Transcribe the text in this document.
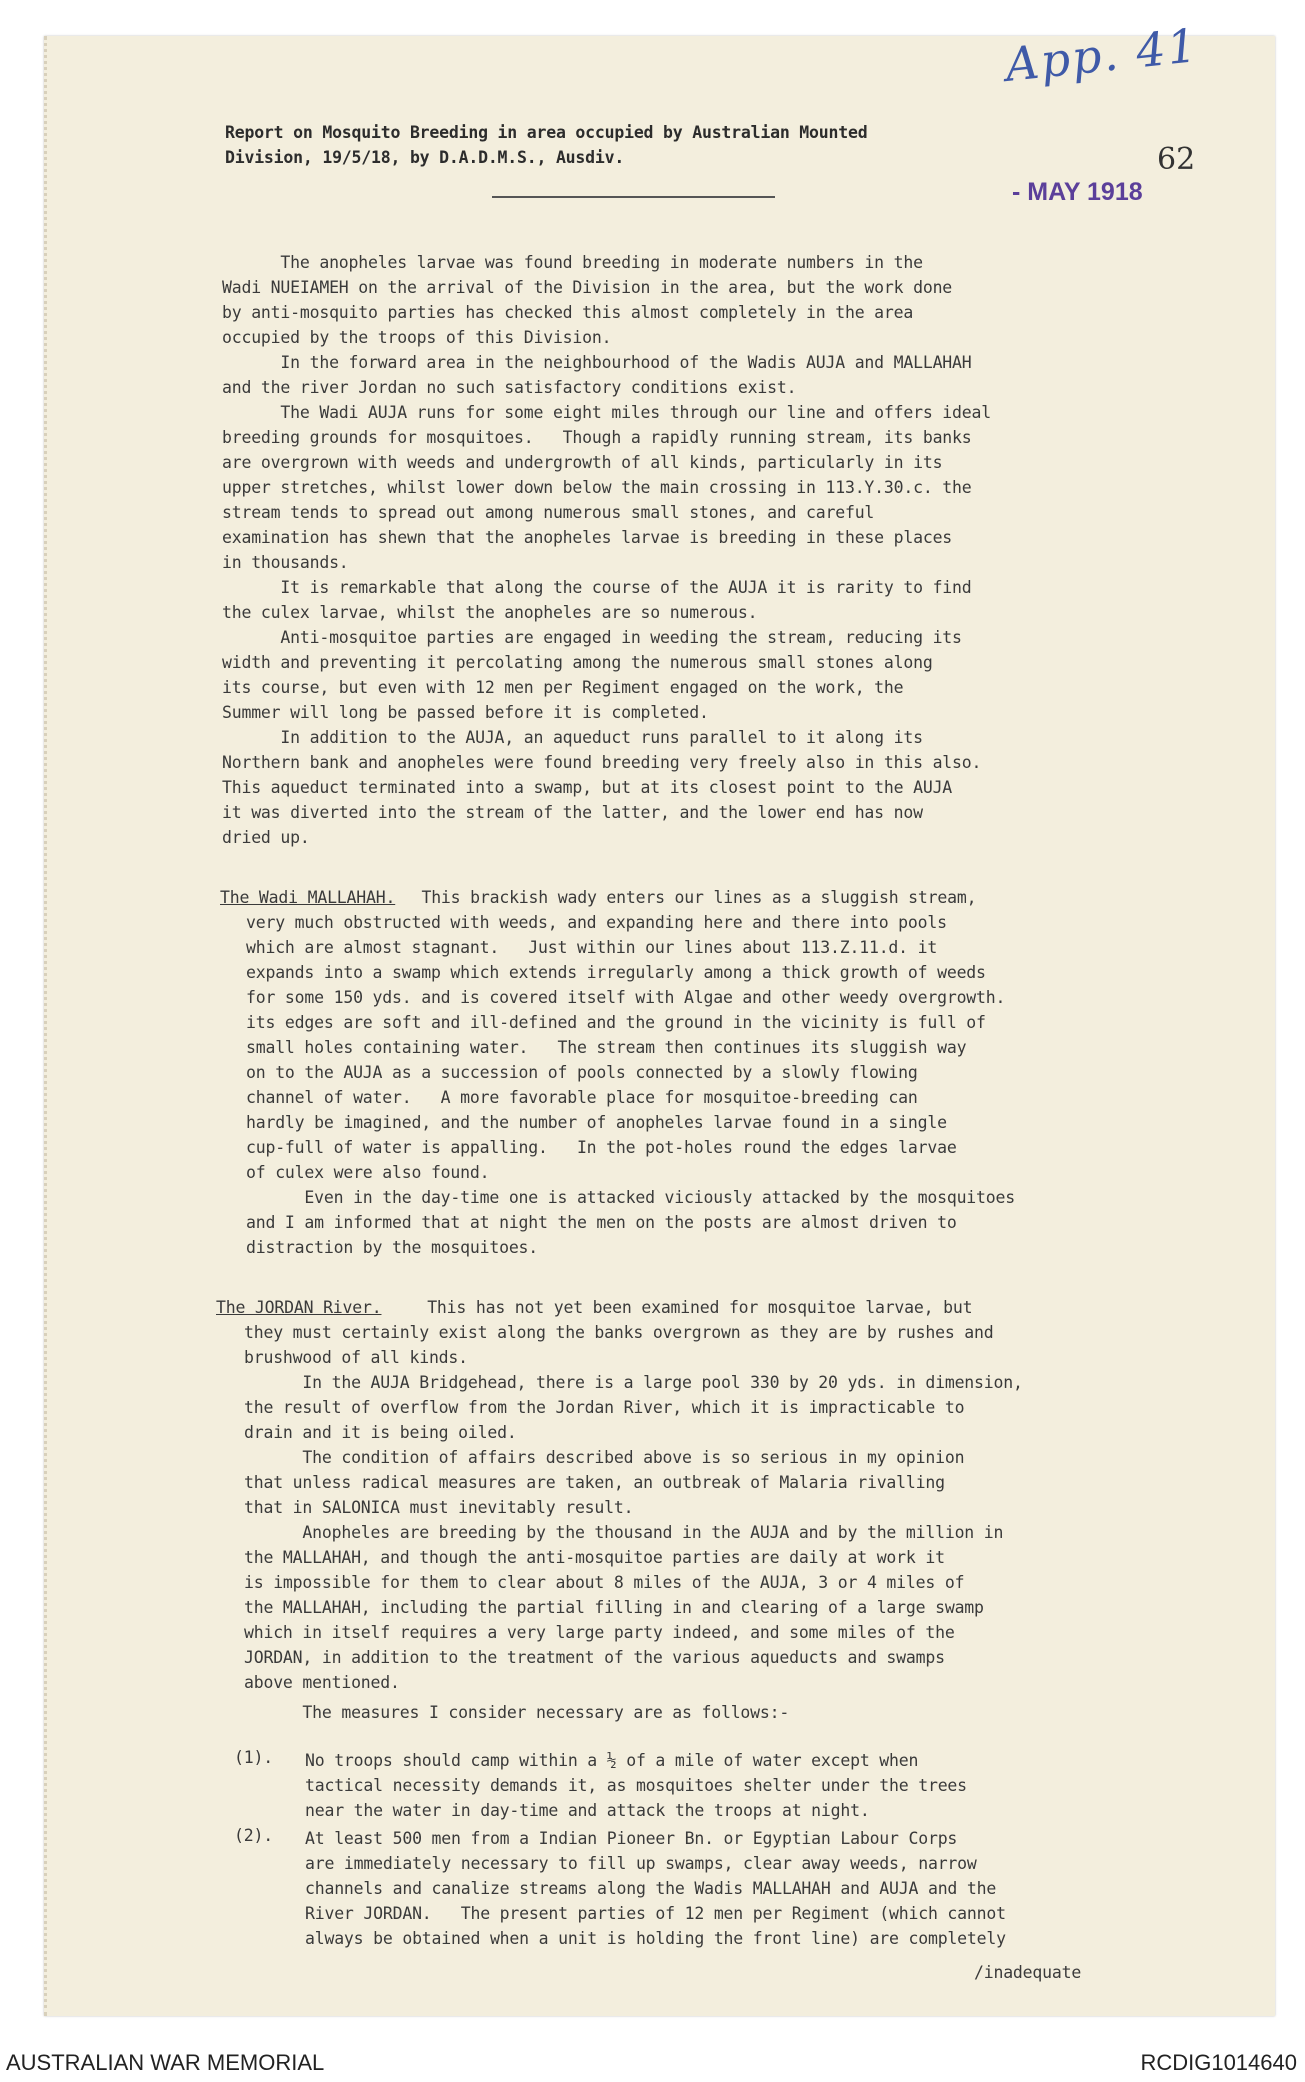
App. 41
62
- MAY 1918
Report on Mosquito Breeding in area occupied by Australian Mounted
Division, 19/5/18, by D.A.D.M.S., Ausdiv.
The anopheles larvae was found breeding in moderate numbers in the
Wadi NUEIAMEH on the arrival of the Division in the area, but the work done
by anti-mosquito parties has checked this almost completely in the area
occupied by the troops of this Division.
In the forward area in the neighbourhood of the Wadis AUJA and MALLAHAH
and the river Jordan no such satisfactory conditions exist.
The Wadi AUJA runs for some eight miles through our line and offers ideal
breeding grounds for mosquitoes.   Though a rapidly running stream, its banks
are overgrown with weeds and undergrowth of all kinds, particularly in its
upper stretches, whilst lower down below the main crossing in 113.Y.30.c. the
stream tends to spread out among numerous small stones, and careful
examination has shewn that the anopheles larvae is breeding in these places
in thousands.
It is remarkable that along the course of the AUJA it is rarity to find
the culex larvae, whilst the anopheles are so numerous.
Anti-mosquitoe parties are engaged in weeding the stream, reducing its
width and preventing it percolating among the numerous small stones along
its course, but even with 12 men per Regiment engaged on the work, the
Summer will long be passed before it is completed.
In addition to the AUJA, an aqueduct runs parallel to it along its
Northern bank and anopheles were found breeding very freely also in this also.
This aqueduct terminated into a swamp, but at its closest point to the AUJA
it was diverted into the stream of the latter, and the lower end has now
dried up.
The Wadi MALLAHAH. This brackish wady enters our lines as a sluggish stream,
very much obstructed with weeds, and expanding here and there into pools
which are almost stagnant.   Just within our lines about 113.Z.11.d. it
expands into a swamp which extends irregularly among a thick growth of weeds
for some 150 yds. and is covered itself with Algae and other weedy overgrowth.
its edges are soft and ill-defined and the ground in the vicinity is full of
small holes containing water.   The stream then continues its sluggish way
on to the AUJA as a succession of pools connected by a slowly flowing
channel of water.   A more favorable place for mosquitoe-breeding can
hardly be imagined, and the number of anopheles larvae found in a single
cup-full of water is appalling.   In the pot-holes round the edges larvae
of culex were also found.
Even in the day-time one is attacked viciously attacked by the mosquitoes
and I am informed that at night the men on the posts are almost driven to
distraction by the mosquitoes.
The JORDAN River. This has not yet been examined for mosquitoe larvae, but
they must certainly exist along the banks overgrown as they are by rushes and
brushwood of all kinds.
In the AUJA Bridgehead, there is a large pool 330 by 20 yds. in dimension,
the result of overflow from the Jordan River, which it is impracticable to
drain and it is being oiled.
The condition of affairs described above is so serious in my opinion
that unless radical measures are taken, an outbreak of Malaria rivalling
that in SALONICA must inevitably result.
Anopheles are breeding by the thousand in the AUJA and by the million in
the MALLAHAH, and though the anti-mosquitoe parties are daily at work it
is impossible for them to clear about 8 miles of the AUJA, 3 or 4 miles of
the MALLAHAH, including the partial filling in and clearing of a large swamp
which in itself requires a very large party indeed, and some miles of the
JORDAN, in addition to the treatment of the various aqueducts and swamps
above mentioned.
The measures I consider necessary are as follows:-
(1). No troops should camp within a ½ of a mile of water except when
tactical necessity demands it, as mosquitoes shelter under the trees
near the water in day-time and attack the troops at night.
(2). At least 500 men from a Indian Pioneer Bn. or Egyptian Labour Corps
are immediately necessary to fill up swamps, clear away weeds, narrow
channels and canalize streams along the Wadis MALLAHAH and AUJA and the
River JORDAN.   The present parties of 12 men per Regiment (which cannot
always be obtained when a unit is holding the front line) are completely
/inadequate
AUSTRALIAN WAR MEMORIAL	RCDIG1014640
